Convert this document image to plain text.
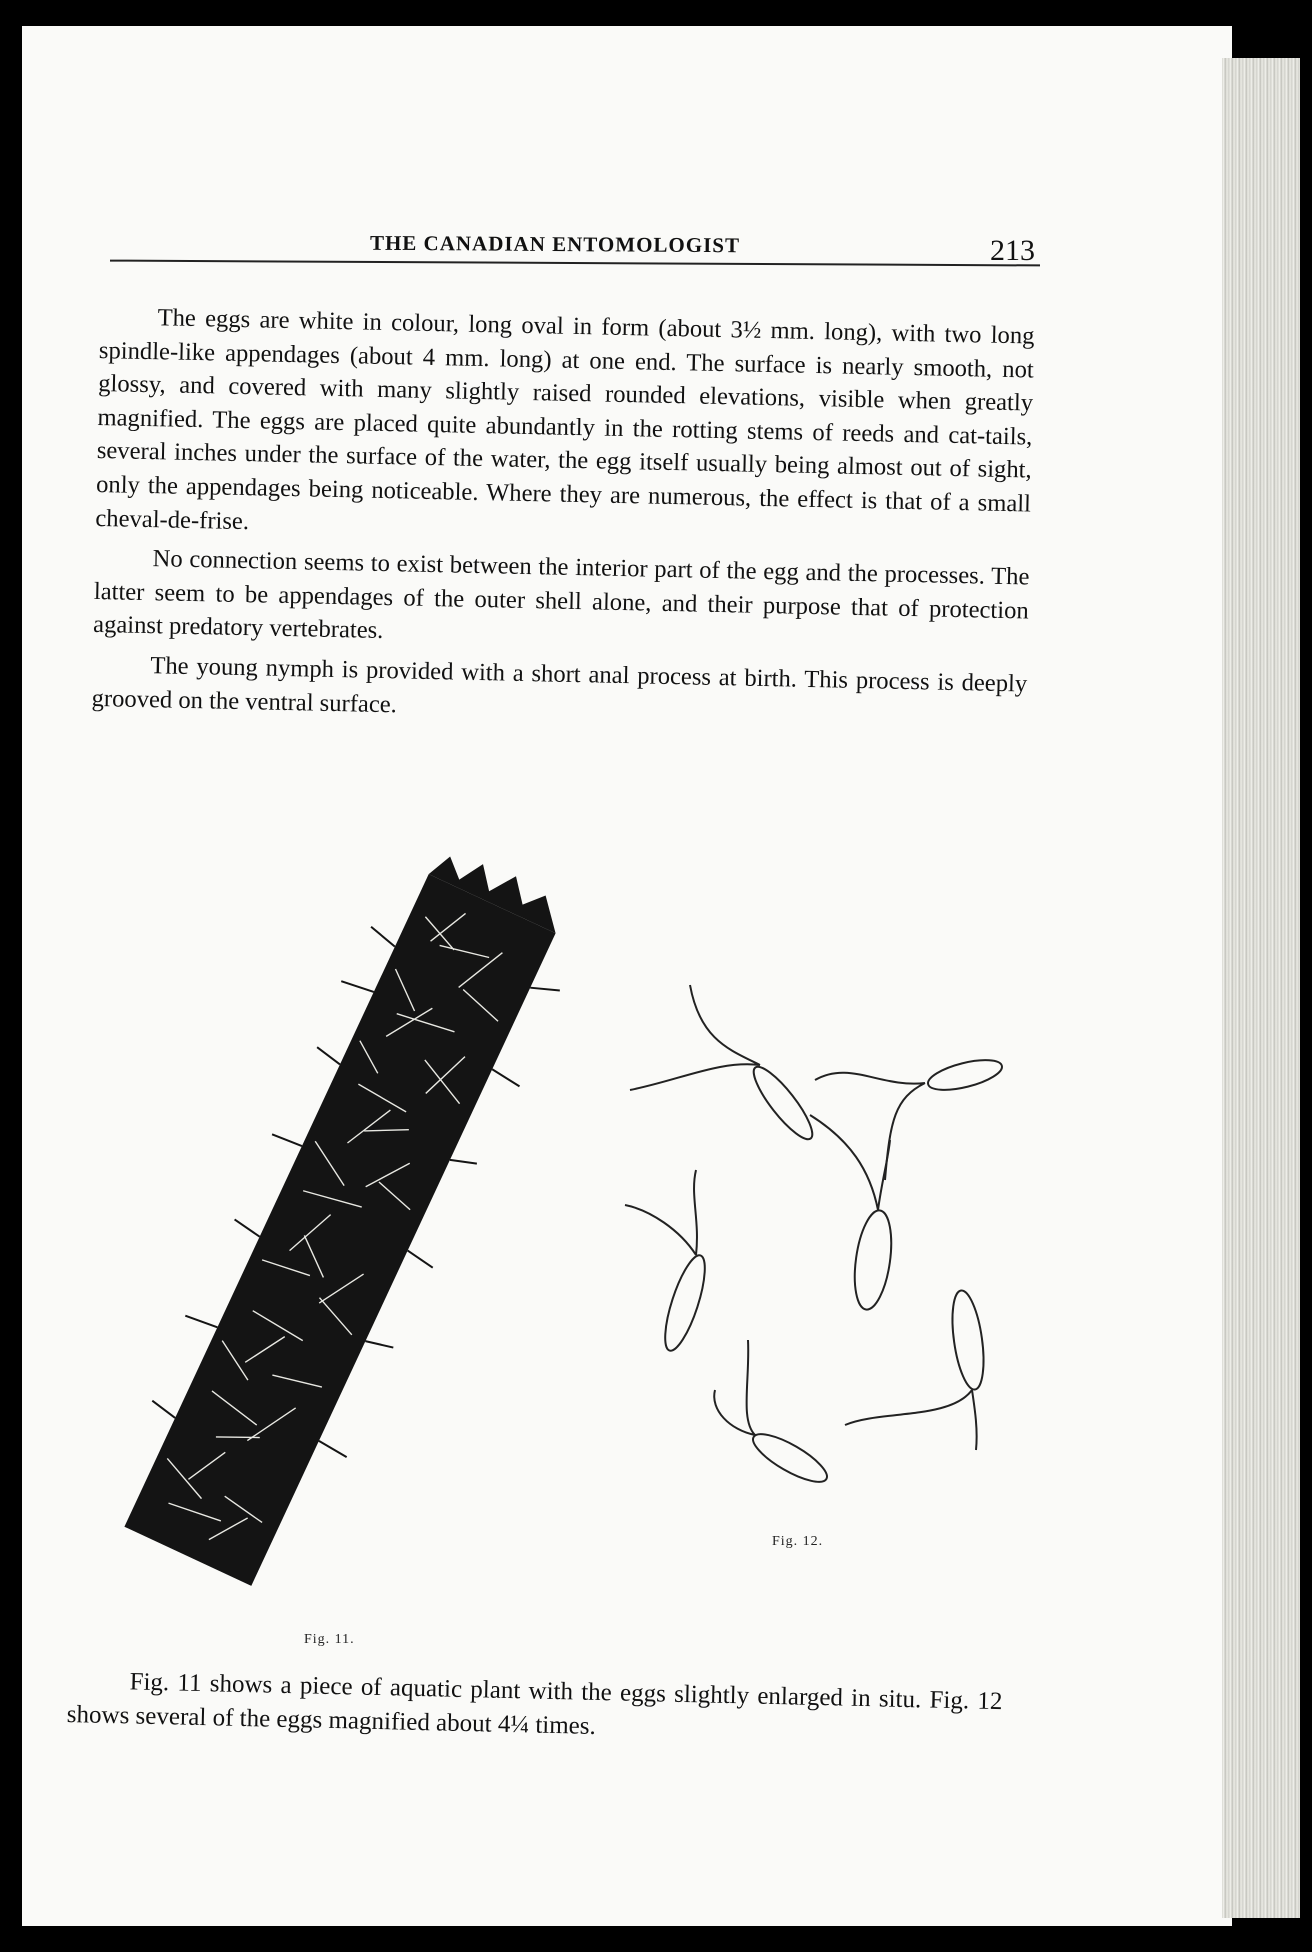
THE CANADIAN ENTOMOLOGIST	213

The eggs are white in colour, long oval in form (about 3½ mm. long), with two long spindle-like appendages (about 4 mm. long) at one end. The surface is nearly smooth, not glossy, and covered with many slightly raised rounded elevations, visible when greatly magnified. The eggs are placed quite abundantly in the rotting stems of reeds and cat-tails, several inches under the surface of the water, the egg itself usually being almost out of sight, only the appendages being noticeable. Where they are numerous, the effect is that of a small cheval-de-frise.

No connection seems to exist between the interior part of the egg and the processes. The latter seem to be appendages of the outer shell alone, and their purpose that of protection against predatory vertebrates.

The young nymph is provided with a short anal process at birth. This process is deeply grooved on the ventral surface.

Fig. 11.
Fig. 12.

Fig. 11 shows a piece of aquatic plant with the eggs slightly enlarged in situ. Fig. 12 shows several of the eggs magnified about 4¼ times.
